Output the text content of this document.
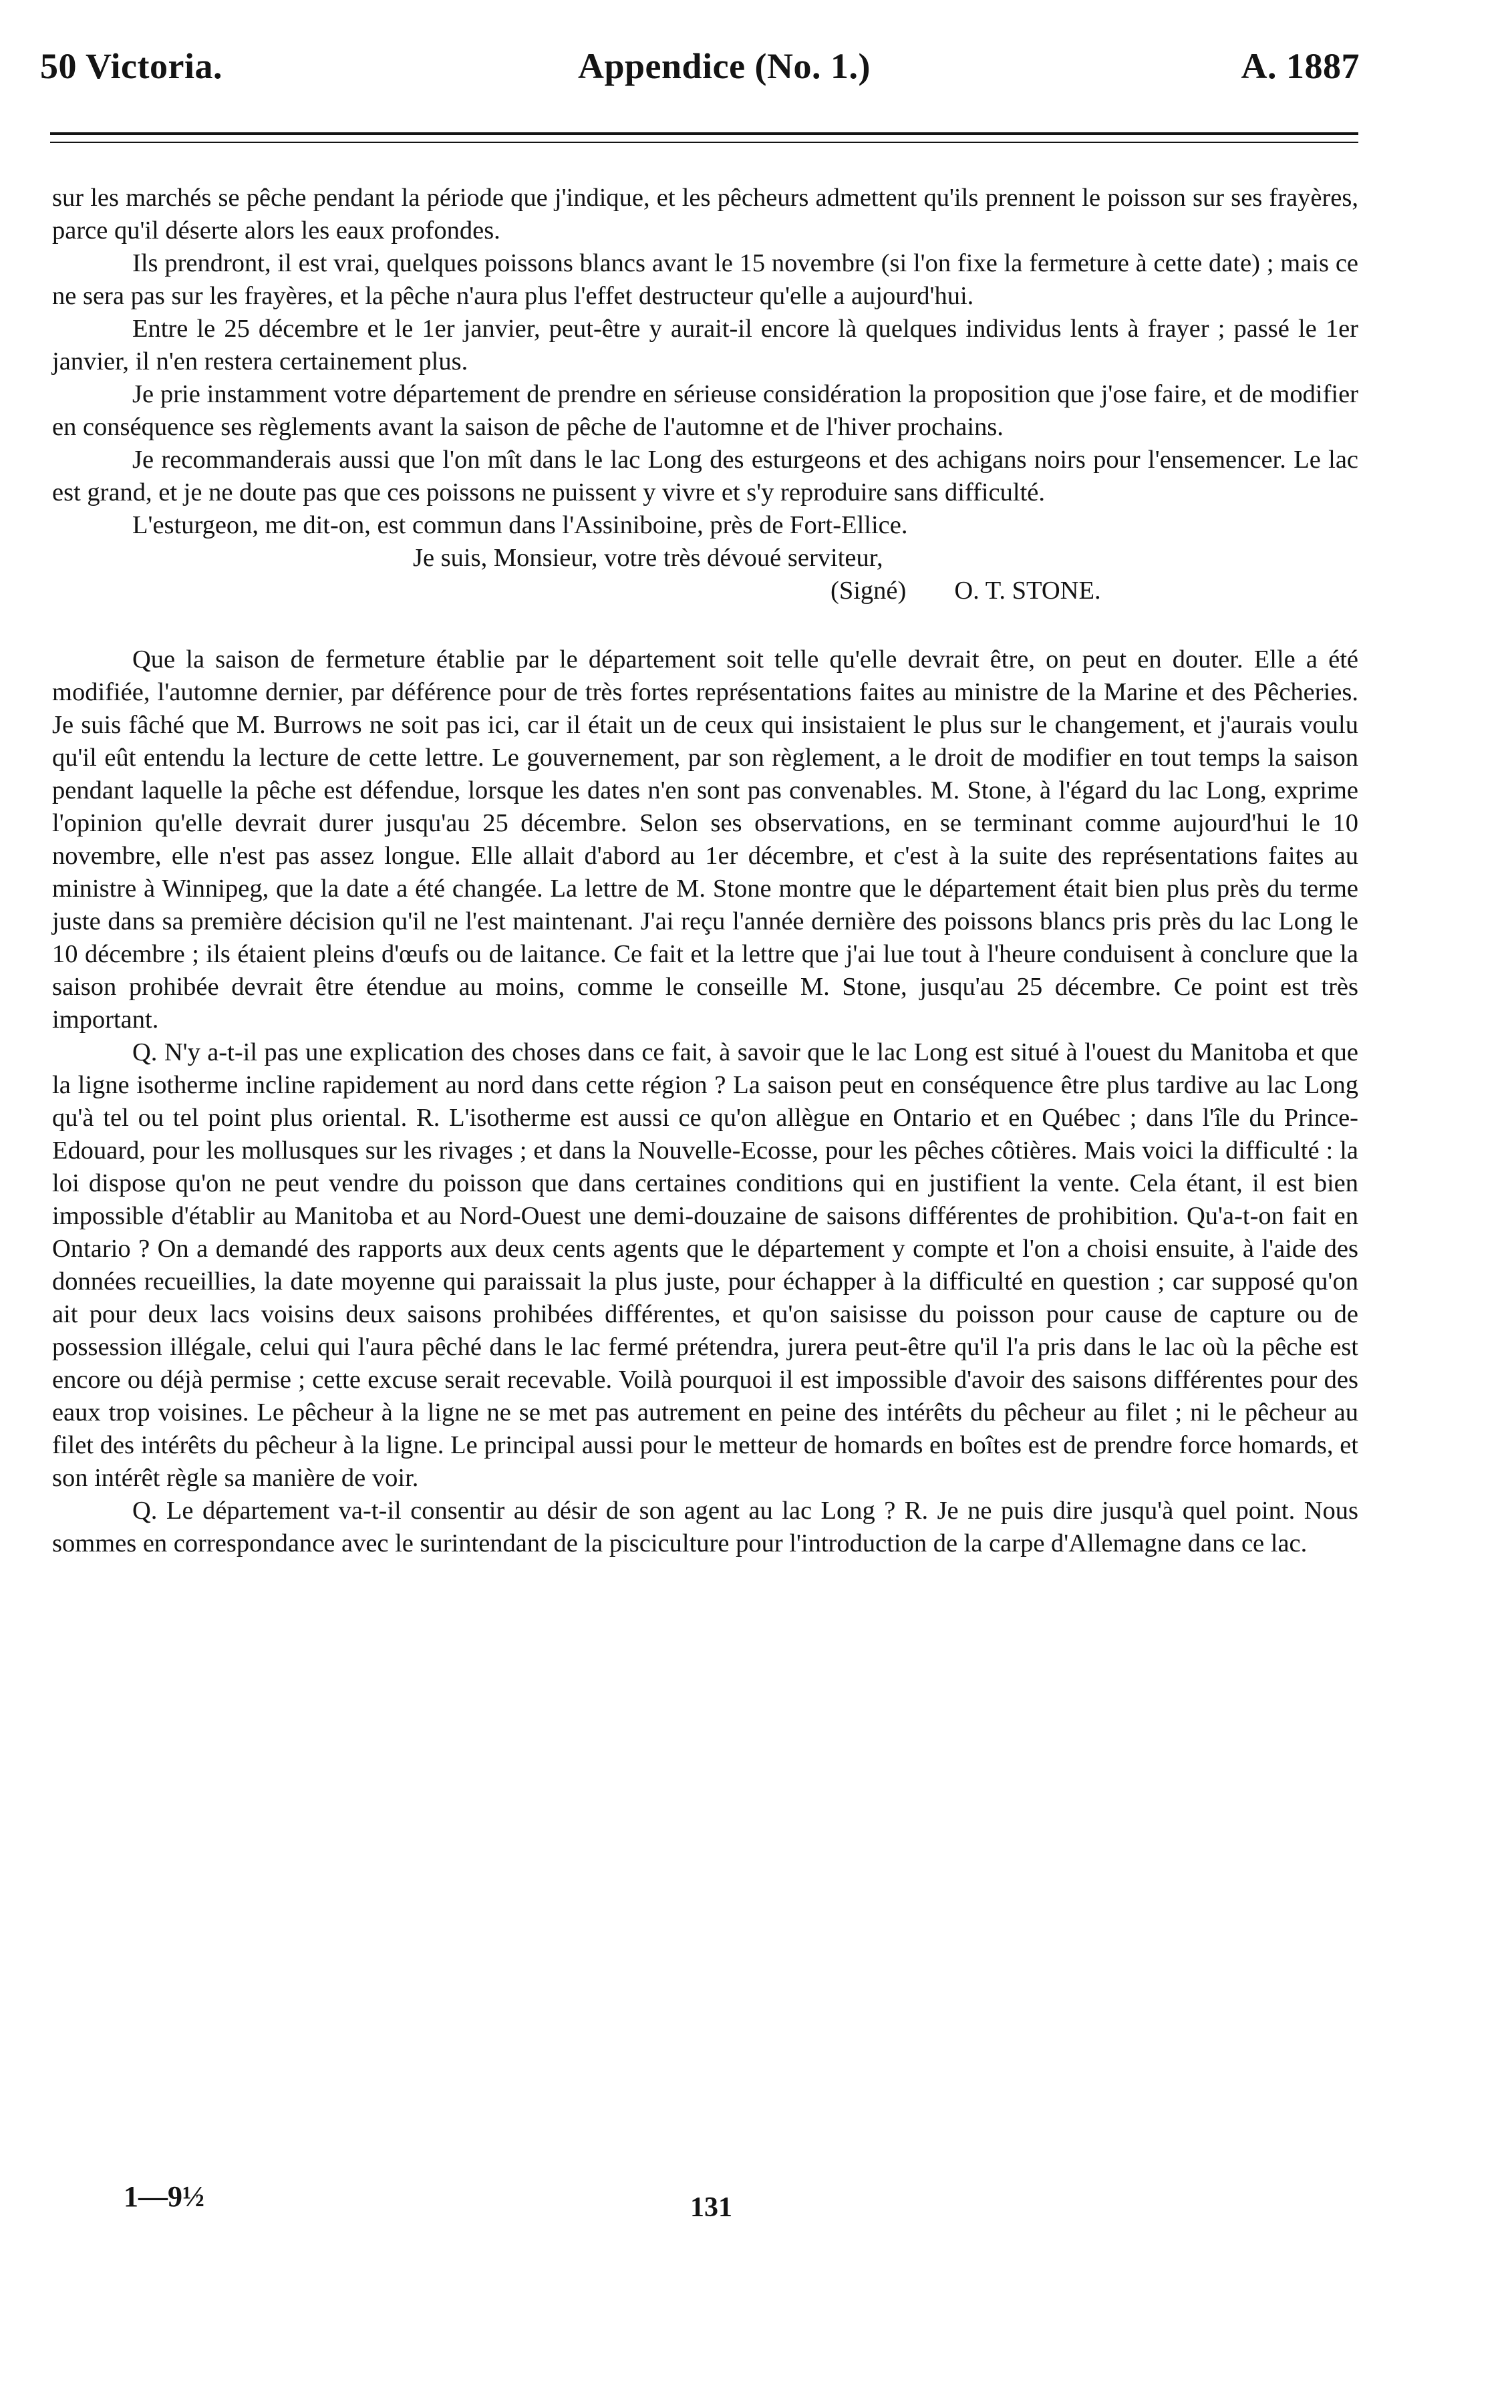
50 Victoria.	Appendice (No. 1.)	A. 1887

sur les marchés se pêche pendant la période que j'indique, et les pêcheurs admettent qu'ils prennent le poisson sur ses frayères, parce qu'il déserte alors les eaux profondes.

Ils prendront, il est vrai, quelques poissons blancs avant le 15 novembre (si l'on fixe la fermeture à cette date) ; mais ce ne sera pas sur les frayères, et la pêche n'aura plus l'effet destructeur qu'elle a aujourd'hui.

Entre le 25 décembre et le 1er janvier, peut-être y aurait-il encore là quelques individus lents à frayer ; passé le 1er janvier, il n'en restera certainement plus.

Je prie instamment votre département de prendre en sérieuse considération la proposition que j'ose faire, et de modifier en conséquence ses règlements avant la saison de pêche de l'automne et de l'hiver prochains.

Je recommanderais aussi que l'on mît dans le lac Long des esturgeons et des achigans noirs pour l'ensemencer. Le lac est grand, et je ne doute pas que ces poissons ne puissent y vivre et s'y reproduire sans difficulté.

L'esturgeon, me dit-on, est commun dans l'Assiniboine, près de Fort-Ellice.

Je suis, Monsieur, votre très dévoué serviteur,
(Signé) O. T. STONE.

Que la saison de fermeture établie par le département soit telle qu'elle devrait être, on peut en douter. Elle a été modifiée, l'automne dernier, par déférence pour de très fortes représentations faites au ministre de la Marine et des Pêcheries. Je suis fâché que M. Burrows ne soit pas ici, car il était un de ceux qui insistaient le plus sur le changement, et j'aurais voulu qu'il eût entendu la lecture de cette lettre. Le gouvernement, par son règlement, a le droit de modifier en tout temps la saison pendant laquelle la pêche est défendue, lorsque les dates n'en sont pas convenables. M. Stone, à l'égard du lac Long, exprime l'opinion qu'elle devrait durer jusqu'au 25 décembre. Selon ses observations, en se terminant comme aujourd'hui le 10 novembre, elle n'est pas assez longue. Elle allait d'abord au 1er décembre, et c'est à la suite des représentations faites au ministre à Winnipeg, que la date a été changée. La lettre de M. Stone montre que le département était bien plus près du terme juste dans sa première décision qu'il ne l'est maintenant. J'ai reçu l'année dernière des poissons blancs pris près du lac Long le 10 décembre ; ils étaient pleins d'œufs ou de laitance. Ce fait et la lettre que j'ai lue tout à l'heure conduisent à conclure que la saison prohibée devrait être étendue au moins, comme le conseille M. Stone, jusqu'au 25 décembre. Ce point est très important.

Q. N'y a-t-il pas une explication des choses dans ce fait, à savoir que le lac Long est situé à l'ouest du Manitoba et que la ligne isotherme incline rapidement au nord dans cette région ? La saison peut en conséquence être plus tardive au lac Long qu'à tel ou tel point plus oriental. R. L'isotherme est aussi ce qu'on allègue en Ontario et en Québec ; dans l'île du Prince-Edouard, pour les mollusques sur les rivages ; et dans la Nouvelle-Ecosse, pour les pêches côtières. Mais voici la difficulté : la loi dispose qu'on ne peut vendre du poisson que dans certaines conditions qui en justifient la vente. Cela étant, il est bien impossible d'établir au Manitoba et au Nord-Ouest une demi-douzaine de saisons différentes de prohibition. Qu'a-t-on fait en Ontario ? On a demandé des rapports aux deux cents agents que le département y compte et l'on a choisi ensuite, à l'aide des données recueillies, la date moyenne qui paraissait la plus juste, pour échapper à la difficulté en question ; car supposé qu'on ait pour deux lacs voisins deux saisons prohibées différentes, et qu'on saisisse du poisson pour cause de capture ou de possession illégale, celui qui l'aura pêché dans le lac fermé prétendra, jurera peut-être qu'il l'a pris dans le lac où la pêche est encore ou déjà permise ; cette excuse serait recevable. Voilà pourquoi il est impossible d'avoir des saisons différentes pour des eaux trop voisines. Le pêcheur à la ligne ne se met pas autrement en peine des intérêts du pêcheur au filet ; ni le pêcheur au filet des intérêts du pêcheur à la ligne. Le principal aussi pour le metteur de homards en boîtes est de prendre force homards, et son intérêt règle sa manière de voir.

Q. Le département va-t-il consentir au désir de son agent au lac Long ? R. Je ne puis dire jusqu'à quel point. Nous sommes en correspondance avec le surintendant de la pisciculture pour l'introduction de la carpe d'Allemagne dans ce lac.

1—9½	131
